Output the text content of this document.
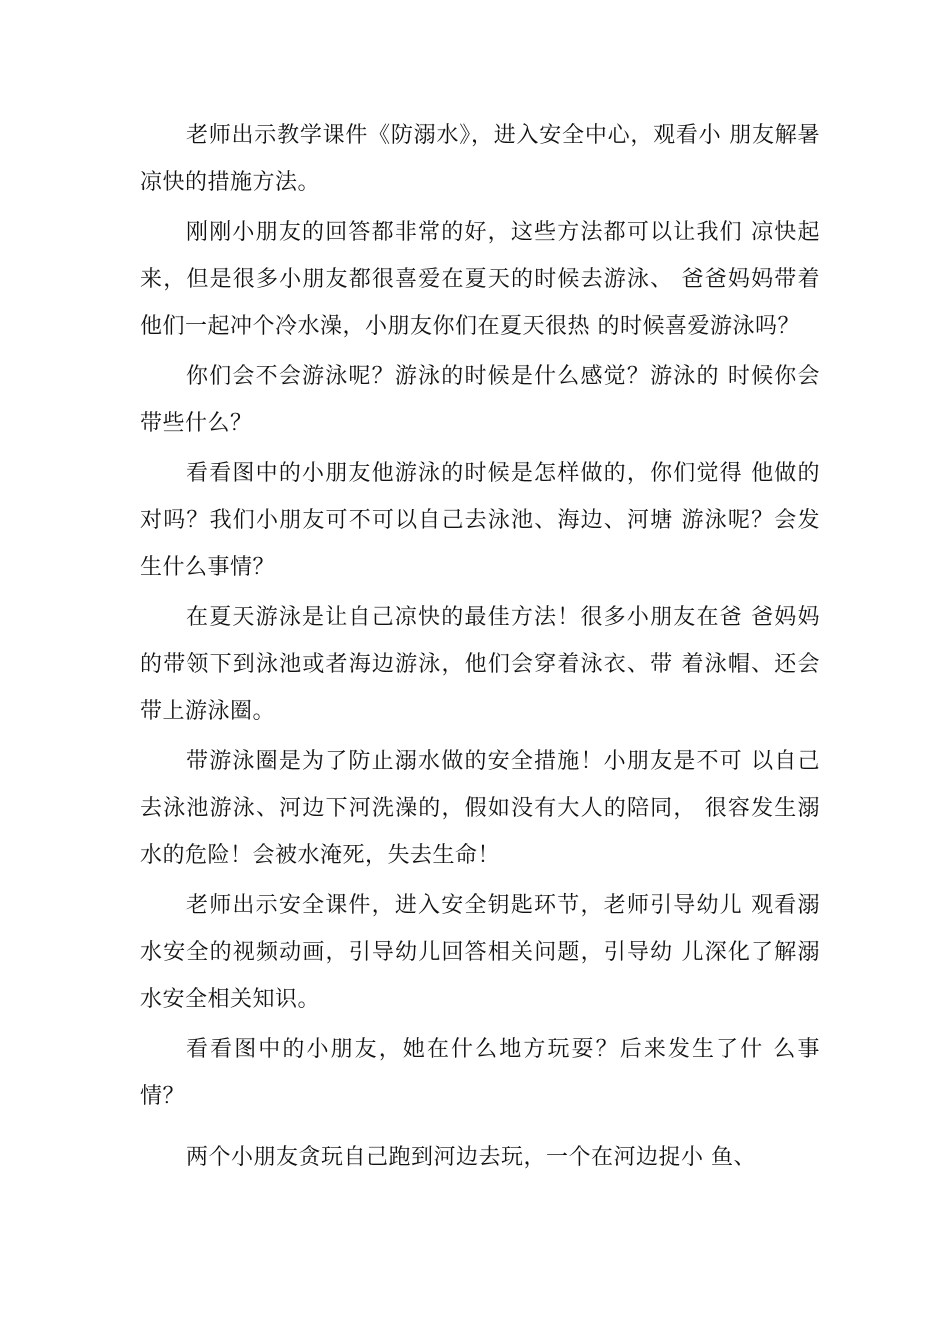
老师出示教学课件《防溺水》，进入安全中心，观看小 朋友解暑凉快的措施方法。

刚刚小朋友的回答都非常的好，这些方法都可以让我们 凉快起来，但是很多小朋友都很喜爱在夏天的时候去游泳、 爸爸妈妈带着他们一起冲个冷水澡，小朋友你们在夏天很热 的时候喜爱游泳吗？

你们会不会游泳呢？游泳的时候是什么感觉？游泳的 时候你会带些什么？

看看图中的小朋友他游泳的时候是怎样做的，你们觉得 他做的对吗？我们小朋友可不可以自己去泳池、海边、河塘 游泳呢？会发生什么事情？

在夏天游泳是让自己凉快的最佳方法！很多小朋友在爸 爸妈妈的带领下到泳池或者海边游泳，他们会穿着泳衣、带 着泳帽、还会带上游泳圈。

带游泳圈是为了防止溺水做的安全措施！小朋友是不可 以自己去泳池游泳、河边下河洗澡的，假如没有大人的陪同， 很容发生溺水的危险！会被水淹死，失去生命！

老师出示安全课件，进入安全钥匙环节，老师引导幼儿 观看溺水安全的视频动画，引导幼儿回答相关问题，引导幼 儿深化了解溺水安全相关知识。

看看图中的小朋友，她在什么地方玩耍？后来发生了什 么事情？

两个小朋友贪玩自己跑到河边去玩，一个在河边捉小 鱼、
